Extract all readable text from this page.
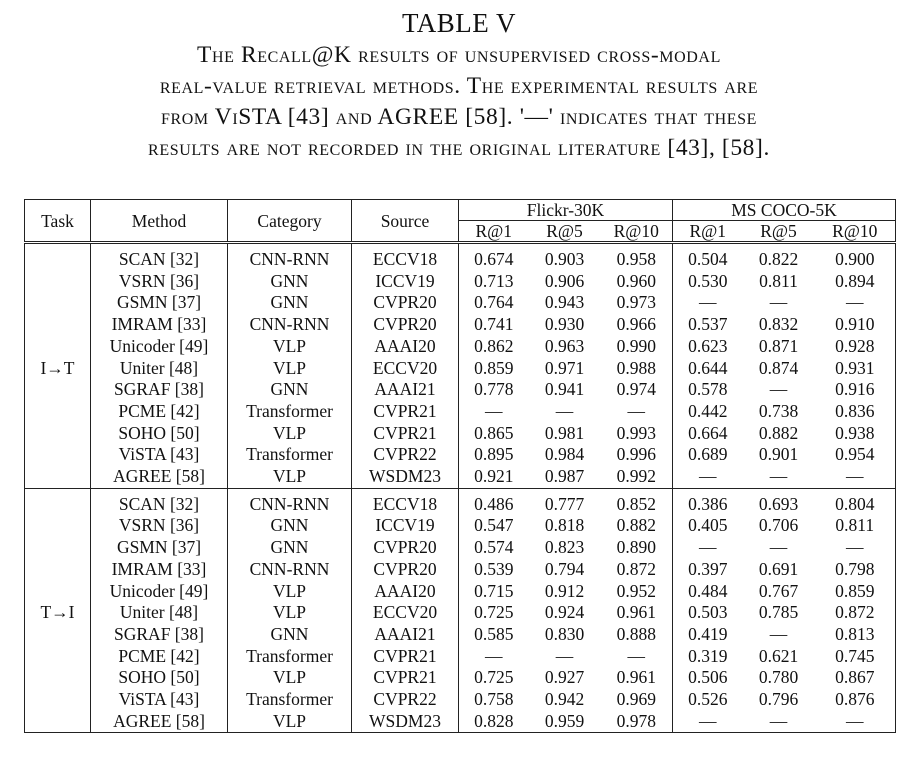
TABLE V
The Recall@K results of unsupervised cross-modal
real-value retrieval methods. The experimental results are
from ViSTA [43] and AGREE [58]. '—' indicates that these
results are not recorded in the original literature [43], [58].
Task	Method	Category	Source	Flickr-30K			MS COCO-5K		
				R@1	R@5	R@10	R@1	R@5	R@10
I→T	SCAN [32]	CNN-RNN	ECCV18	0.674	0.903	0.958	0.504	0.822	0.900
	VSRN [36]	GNN	ICCV19	0.713	0.906	0.960	0.530	0.811	0.894
	GSMN [37]	GNN	CVPR20	0.764	0.943	0.973	—	—	—
	IMRAM [33]	CNN-RNN	CVPR20	0.741	0.930	0.966	0.537	0.832	0.910
	Unicoder [49]	VLP	AAAI20	0.862	0.963	0.990	0.623	0.871	0.928
	Uniter [48]	VLP	ECCV20	0.859	0.971	0.988	0.644	0.874	0.931
	SGRAF [38]	GNN	AAAI21	0.778	0.941	0.974	0.578	—	0.916
	PCME [42]	Transformer	CVPR21	—	—	—	0.442	0.738	0.836
	SOHO [50]	VLP	CVPR21	0.865	0.981	0.993	0.664	0.882	0.938
	ViSTA [43]	Transformer	CVPR22	0.895	0.984	0.996	0.689	0.901	0.954
	AGREE [58]	VLP	WSDM23	0.921	0.987	0.992	—	—	—
T→I	SCAN [32]	CNN-RNN	ECCV18	0.486	0.777	0.852	0.386	0.693	0.804
	VSRN [36]	GNN	ICCV19	0.547	0.818	0.882	0.405	0.706	0.811
	GSMN [37]	GNN	CVPR20	0.574	0.823	0.890	—	—	—
	IMRAM [33]	CNN-RNN	CVPR20	0.539	0.794	0.872	0.397	0.691	0.798
	Unicoder [49]	VLP	AAAI20	0.715	0.912	0.952	0.484	0.767	0.859
	Uniter [48]	VLP	ECCV20	0.725	0.924	0.961	0.503	0.785	0.872
	SGRAF [38]	GNN	AAAI21	0.585	0.830	0.888	0.419	—	0.813
	PCME [42]	Transformer	CVPR21	—	—	—	0.319	0.621	0.745
	SOHO [50]	VLP	CVPR21	0.725	0.927	0.961	0.506	0.780	0.867
	ViSTA [43]	Transformer	CVPR22	0.758	0.942	0.969	0.526	0.796	0.876
	AGREE [58]	VLP	WSDM23	0.828	0.959	0.978	—	—	—
